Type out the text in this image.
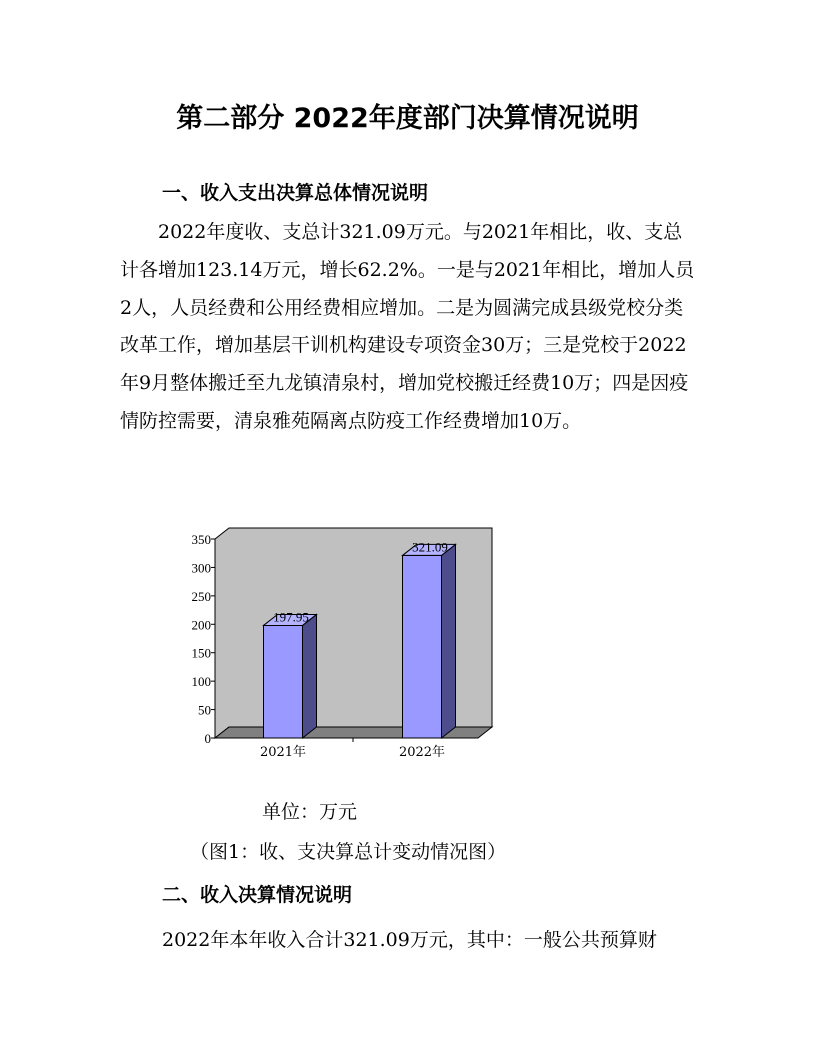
第二部分 2022年度部门决算情况说明
一、收入支出决算总体情况说明

2022年度收、支总计321.09万元。与2021年相比，收、支总计各增加123.14万元，增长62.2%。一是与2021年相比，增加人员2人，人员经费和公用经费相应增加。二是为圆满完成县级党校分类改革工作，增加基层干训机构建设专项资金30万；三是党校于2022年9月整体搬迁至九龙镇清泉村，增加党校搬迁经费10万；四是因疫情防控需要，清泉雅苑隔离点防疫工作经费增加10万。

0
50
100
150
200
250
300
350
197.95
2021年
321.09
2022年
单位：万元
（图1：收、支决算总计变动情况图）
二、收入决算情况说明
2022年本年收入合计321.09万元，其中：一般公共预算财
